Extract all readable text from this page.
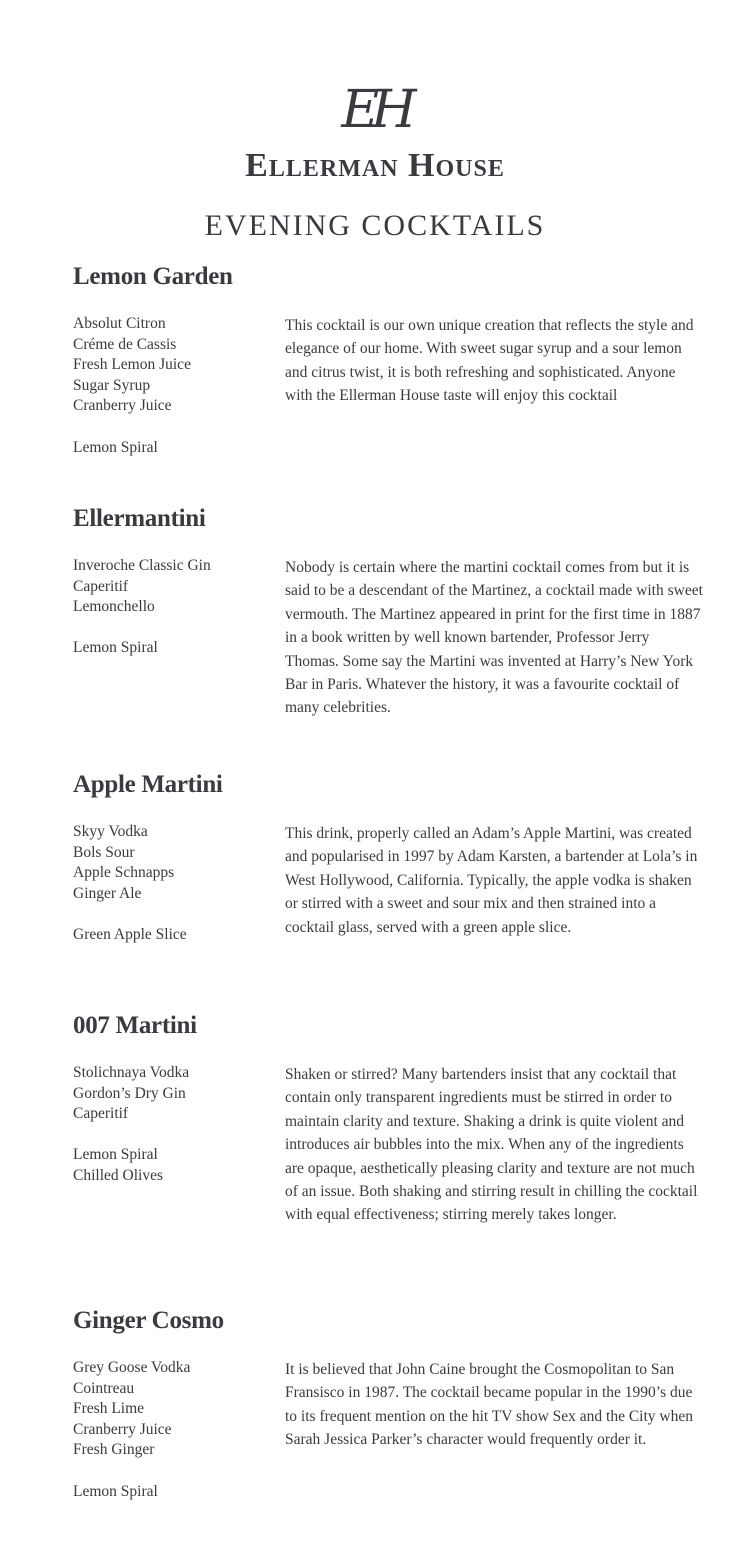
EH
Ellerman House
EVENING COCKTAILS
Lemon Garden
Absolut Citron
Créme de Cassis
Fresh Lemon Juice
Sugar Syrup
Cranberry Juice
Lemon Spiral

This cocktail is our own unique creation that reflects the style and elegance of our home. With sweet sugar syrup and a sour lemon and citrus twist, it is both refreshing and sophisticated. Anyone with the Ellerman House taste will enjoy this cocktail

Ellermantini
Inveroche Classic Gin
Caperitif
Lemonchello
Lemon Spiral

Nobody is certain where the martini cocktail comes from but it is said to be a descendant of the Martinez, a cocktail made with sweet vermouth. The Martinez appeared in print for the first time in 1887 in a book written by well known bartender, Professor Jerry Thomas. Some say the Martini was invented at Harry’s New York Bar in Paris. Whatever the history, it was a favourite cocktail of many celebrities.

Apple Martini
Skyy Vodka
Bols Sour
Apple Schnapps
Ginger Ale
Green Apple Slice

This drink, properly called an Adam’s Apple Martini, was created and popularised in 1997 by Adam Karsten, a bartender at Lola’s in West Hollywood, California. Typically, the apple vodka is shaken or stirred with a sweet and sour mix and then strained into a cocktail glass, served with a green apple slice.

007 Martini
Stolichnaya Vodka
Gordon’s Dry Gin
Caperitif
Lemon Spiral
Chilled Olives

Shaken or stirred? Many bartenders insist that any cocktail that contain only transparent ingredients must be stirred in order to maintain clarity and texture. Shaking a drink is quite violent and introduces air bubbles into the mix. When any of the ingredients are opaque, aesthetically pleasing clarity and texture are not much of an issue. Both shaking and stirring result in chilling the cocktail with equal effectiveness; stirring merely takes longer.

Ginger Cosmo
Grey Goose Vodka
Cointreau
Fresh Lime
Cranberry Juice
Fresh Ginger
Lemon Spiral

It is believed that John Caine brought the Cosmopolitan to San Fransisco in 1987. The cocktail became popular in the 1990’s due to its frequent mention on the hit TV show Sex and the City when Sarah Jessica Parker’s character would frequently order it.
